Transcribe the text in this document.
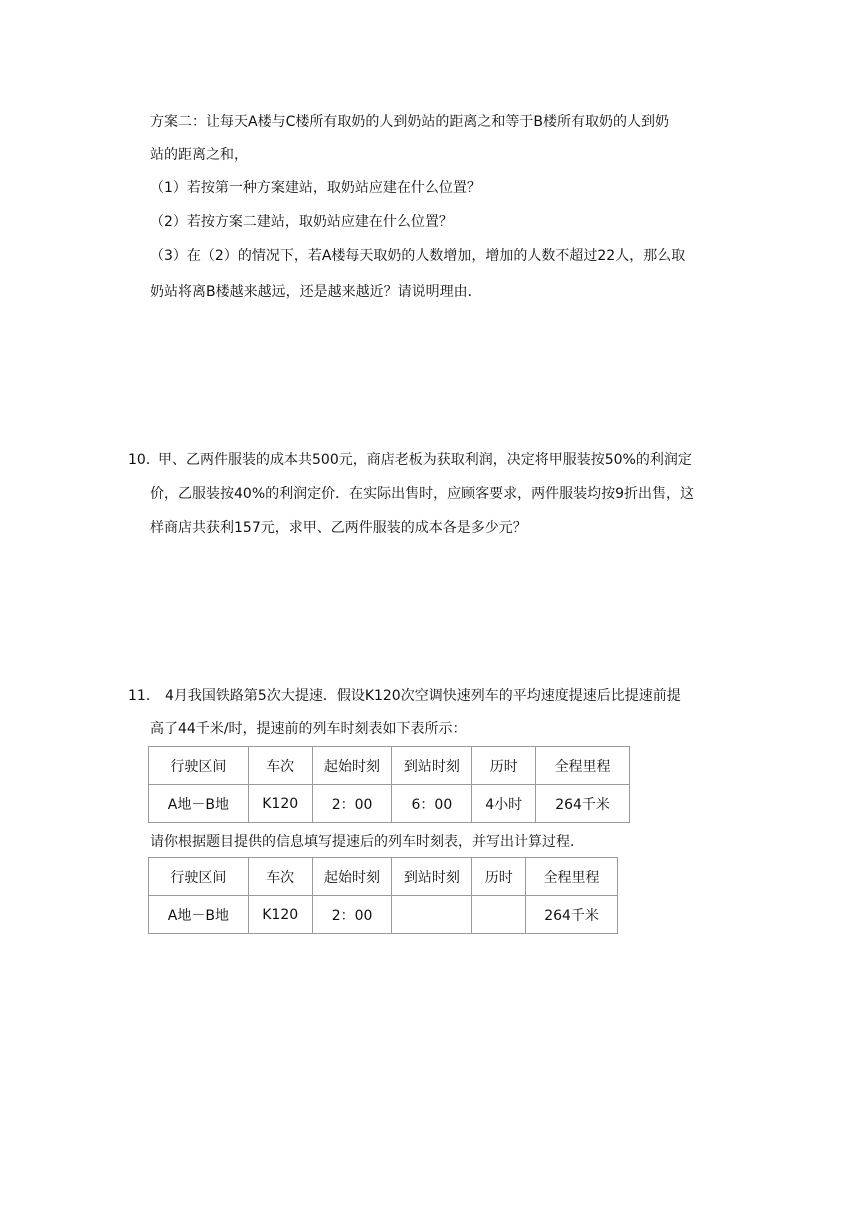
方案二：让每天A楼与C楼所有取奶的人到奶站的距离之和等于B楼所有取奶的人到奶
站的距离之和，
（1）若按第一种方案建站，取奶站应建在什么位置？
（2）若按方案二建站，取奶站应建在什么位置？
（3）在（2）的情况下，若A楼每天取奶的人数增加，增加的人数不超过22人，那么取
奶站将离B楼越来越远，还是越来越近？请说明理由．
10．
甲、乙两件服装的成本共500元，商店老板为获取利润，决定将甲服装按50%的利润定
价，乙服装按40%的利润定价．在实际出售时，应顾客要求，两件服装均按9折出售，这
样商店共获利157元，求甲、乙两件服装的成本各是多少元？
11． 4月我国铁路第5次大提速．假设K120次空调快速列车的平均速度提速后比提速前提
高了44千米/时，提速前的列车时刻表如下表所示：
行驶区间	车次	起始时刻	到站时刻	历时	全程里程
A地－B地	K120	2：00	6：00	4小时	264千米
请你根据题目提供的信息填写提速后的列车时刻表，并写出计算过程．
行驶区间	车次	起始时刻	到站时刻	历时	全程里程
A地－B地	K120	2：00			264千米
